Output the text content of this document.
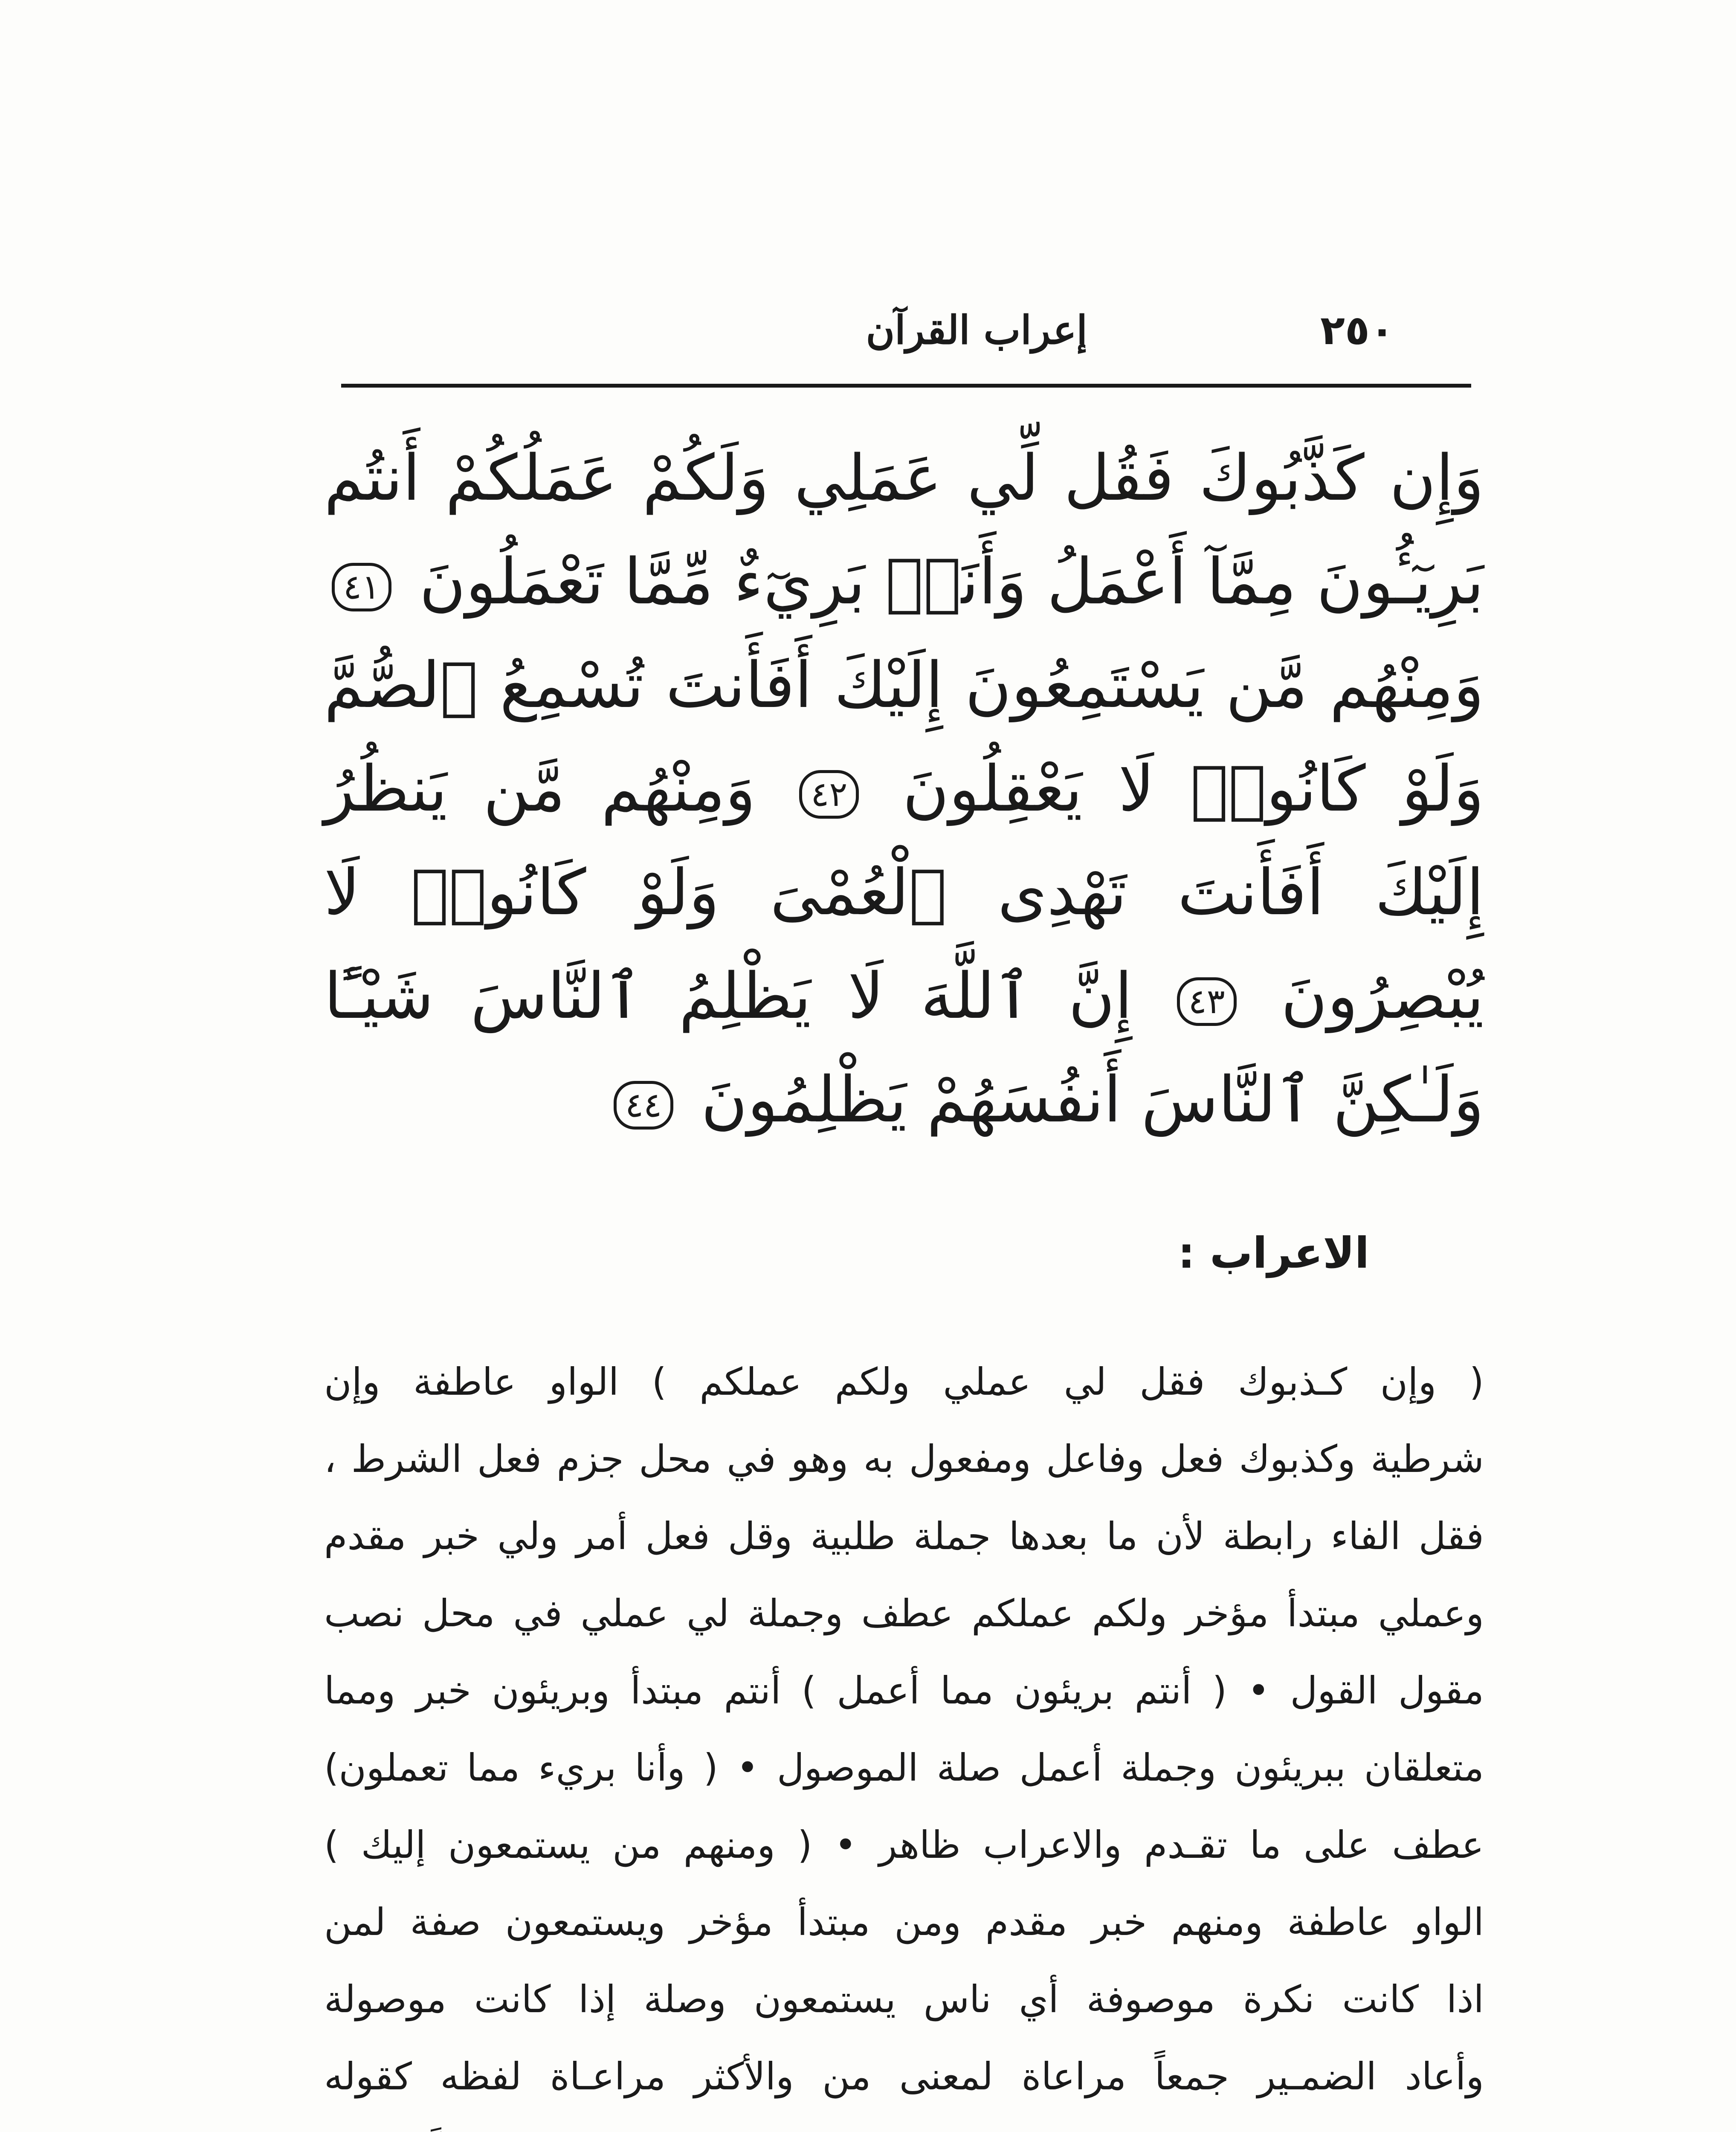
٢٥٠
إعراب القرآن
وَإِن كَذَّبُوكَ فَقُل لِّي عَمَلِي وَلَكُمْ عَمَلُكُمْ أَنتُم بَرِيٓـُٔونَ مِمَّآ أَعْمَلُ وَأَنَا۠ بَرِيٓءٌ مِّمَّا تَعْمَلُونَ ٤١ وَمِنْهُم مَّن يَسْتَمِعُونَ إِلَيْكَ أَفَأَنتَ تُسْمِعُ ٱلصُّمَّ وَلَوْ كَانُوا۟ لَا يَعْقِلُونَ ٤٢ وَمِنْهُم مَّن يَنظُرُ إِلَيْكَ أَفَأَنتَ تَهْدِى ٱلْعُمْىَ وَلَوْ كَانُوا۟ لَا يُبْصِرُونَ ٤٣ إِنَّ ٱللَّهَ لَا يَظْلِمُ ٱلنَّاسَ شَيْـًٔا وَلَـٰكِنَّ ٱلنَّاسَ أَنفُسَهُمْ يَظْلِمُونَ ٤٤
الاعراب :
( وإن كـذبوك فقل لي عملي ولكم عملكم ) الواو عاطفة وإن
شرطية وكذبوك فعل وفاعل ومفعول به وهو في محل جزم فعل الشرط ،
فقل الفاء رابطة لأن ما بعدها جملة طلبية وقل فعل أمر ولي خبر مقدم
وعملي مبتدأ مؤخر ولكم عملكم عطف وجملة لي عملي في محل نصب
مقول القول • ( أنتم بريئون مما أعمل ) أنتم مبتدأ وبريئون خبر ومما
متعلقان ببريئون وجملة أعمل صلة الموصول • ( وأنا بريء مما تعملون)
عطف على ما تقـدم والاعراب ظاهر • ( ومنهم من يستمعون إليك )
الواو عاطفة ومنهم خبر مقدم ومن مبتدأ مؤخر ويستمعون صفة لمن
اذا كانت نكرة موصوفة أي ناس يستمعون وصلة إذا كانت موصولة
وأعاد الضمـير جمعاً مراعاة لمعنى من والأكثر مراعـاة لفظه كقوله
